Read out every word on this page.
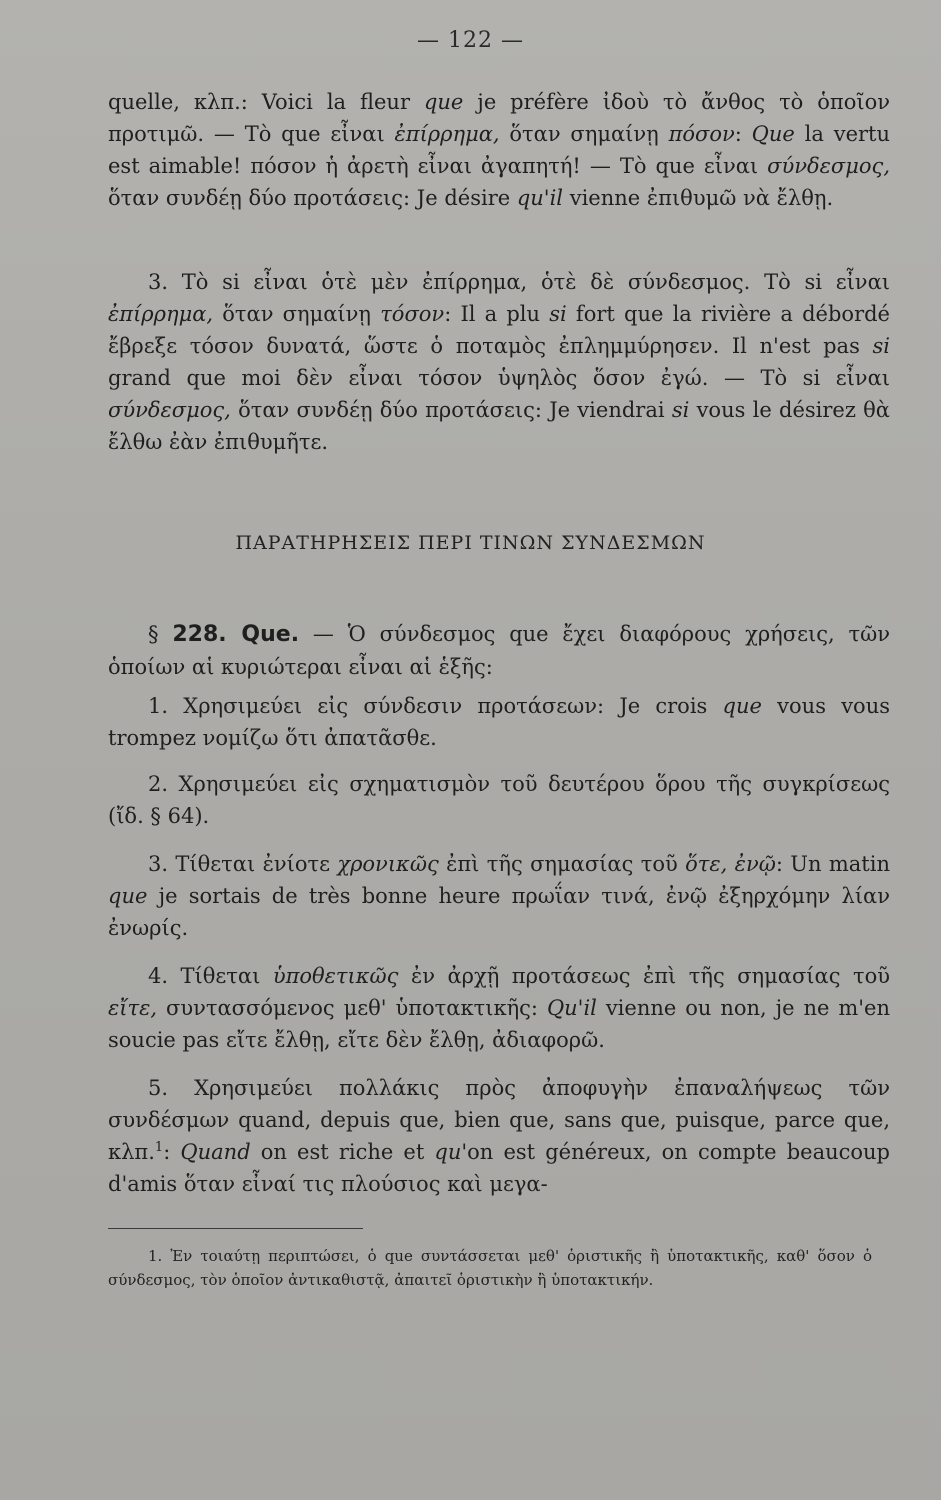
— 122 —

quelle, κλπ.: Voici la fleur que je préfère ἰδοὺ τὸ ἄνθος τὸ ὁποῖον προτιμῶ. — Τὸ que εἶναι ἐπίρρημα, ὅταν σημαίνῃ πόσον: Que la vertu est aimable! πόσον ἡ ἀρετὴ εἶναι ἀγαπητή! — Τὸ que εἶναι σύνδεσμος, ὅταν συνδέῃ δύο προτάσεις: Je désire qu'il vienne ἐπιθυμῶ νὰ ἔλθῃ.

3. Τὸ si εἶναι ὁτὲ μὲν ἐπίρρημα, ὁτὲ δὲ σύνδεσμος. Τὸ si εἶναι ἐπίρρημα, ὅταν σημαίνῃ τόσον: Il a plu si fort que la rivière a débordé ἔβρεξε τόσον δυνατά, ὥστε ὁ ποταμὸς ἐπλημμύρησεν. Il n'est pas si grand que moi δὲν εἶναι τόσον ὑψηλὸς ὅσον ἐγώ. — Τὸ si εἶναι σύνδεσμος, ὅταν συνδέῃ δύο προτάσεις: Je viendrai si vous le désirez θὰ ἔλθω ἐὰν ἐπιθυμῆτε.

ΠΑΡΑΤΗΡΗΣΕΙΣ ΠΕΡΙ ΤΙΝΩΝ ΣΥΝΔΕΣΜΩΝ

§ 228. Que. — Ὁ σύνδεσμος que ἔχει διαφόρους χρήσεις, τῶν ὁποίων αἱ κυριώτεραι εἶναι αἱ ἑξῆς:

1. Χρησιμεύει εἰς σύνδεσιν προτάσεων: Je crois que vous vous trompez νομίζω ὅτι ἀπατᾶσθε.

2. Χρησιμεύει εἰς σχηματισμὸν τοῦ δευτέρου ὅρου τῆς συγκρίσεως (ἴδ. § 64).

3. Τίθεται ἐνίοτε χρονικῶς ἐπὶ τῆς σημασίας τοῦ ὅτε, ἐνῷ: Un matin que je sortais de très bonne heure πρωΐαν τινά, ἐνῷ ἐξηρχόμην λίαν ἐνωρίς.

4. Τίθεται ὑποθετικῶς ἐν ἀρχῇ προτάσεως ἐπὶ τῆς σημασίας τοῦ εἴτε, συντασσόμενος μεθ' ὑποτακτικῆς: Qu'il vienne ou non, je ne m'en soucie pas εἴτε ἔλθῃ, εἴτε δὲν ἔλθῃ, ἀδιαφορῶ.

5. Χρησιμεύει πολλάκις πρὸς ἀποφυγὴν ἐπαναλήψεως τῶν συνδέσμων quand, depuis que, bien que, sans que, puisque, parce que, κλπ.$^1$: Quand on est riche et qu'on est généreux, on compte beaucoup d'amis ὅταν εἶναί τις πλούσιος καὶ μεγα-

1. Ἐν τοιαύτῃ περιπτώσει, ὁ que συντάσσεται μεθ' ὁριστικῆς ἢ ὑποτακτικῆς, καθ' ὅσον ὁ σύνδεσμος, τὸν ὁποῖον ἀντικαθιστᾷ, ἀπαιτεῖ ὁριστικὴν ἢ ὑποτακτικήν.
